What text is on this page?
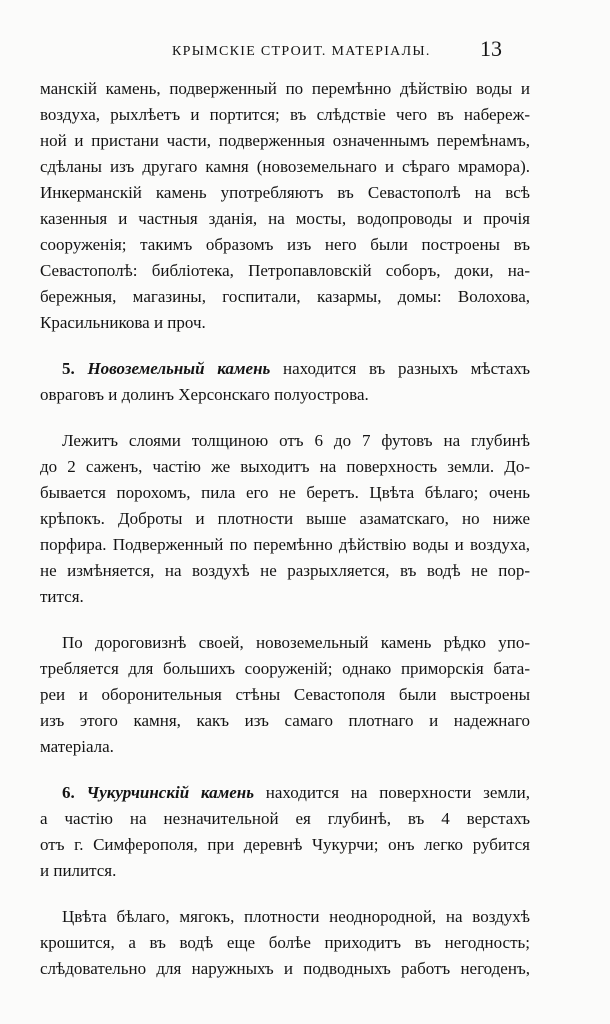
КРЫМСКІЕ СТРОИТ. МАТЕРІАЛЫ. 13
манскій камень, подверженный по перемѣнно дѣйствію воды и
воздуха, рыхлѣетъ и портится; въ слѣдствіе чего въ набереж-
ной и пристани части, подверженныя означеннымъ перемѣнамъ,
сдѣланы изъ другаго камня (новоземельнаго и сѣраго мрамора).
Инкерманскій камень употребляютъ въ Севастополѣ на всѣ
казенныя и частныя зданія, на мосты, водопроводы и прочія
сооруженія; такимъ образомъ изъ него были построены въ
Севастополѣ: библіотека, Петропавловскій соборъ, доки, на-
бережныя, магазины, госпитали, казармы, домы: Волохова,
Красильникова и проч.
5. Новоземельный камень находится въ разныхъ мѣстахъ
овраговъ и долинъ Херсонскаго полуострова.
Лежитъ слоями толщиною отъ 6 до 7 футовъ на глубинѣ
до 2 саженъ, частію же выходитъ на поверхность земли. До-
бывается порохомъ, пила его не беретъ. Цвѣта бѣлаго; очень
крѣпокъ. Доброты и плотности выше азаматскаго, но ниже
порфира. Подверженный по перемѣнно дѣйствію воды и воздуха,
не измѣняется, на воздухѣ не разрыхляется, въ водѣ не пор-
тится.
По дороговизнѣ своей, новоземельный камень рѣдко упо-
требляется для большихъ сооруженій; однако приморскія бата-
реи и оборонительныя стѣны Севастополя были выстроены
изъ этого камня, какъ изъ самаго плотнаго и надежнаго
матеріала.
6. Чукурчинскій камень находится на поверхности земли,
а частію на незначительной ея глубинѣ, въ 4 верстахъ
отъ г. Симферополя, при деревнѣ Чукурчи; онъ легко рубится
и пилится.
Цвѣта бѣлаго, мягокъ, плотности неоднородной, на воздухѣ
крошится, а въ водѣ еще болѣе приходитъ въ негодность;
слѣдовательно для наружныхъ и подводныхъ работъ негоденъ,
